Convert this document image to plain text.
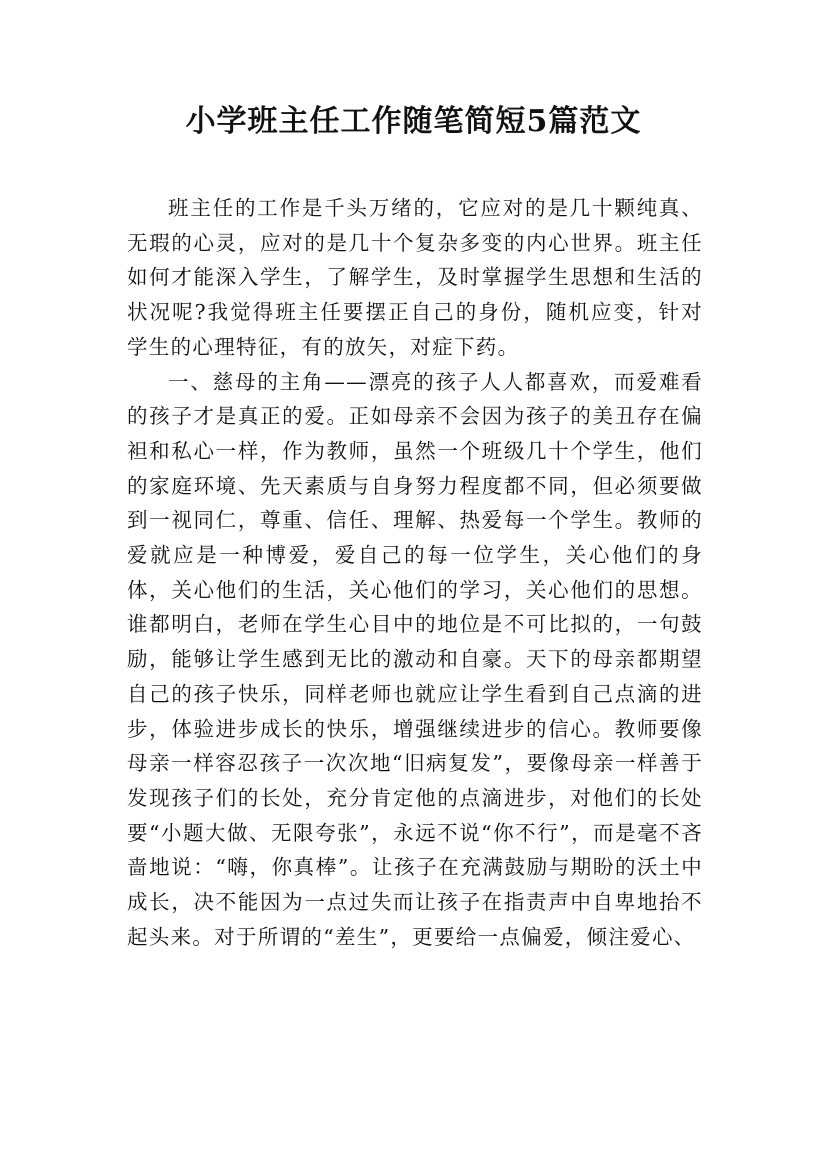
小学班主任工作随笔简短5篇范文

班主任的工作是千头万绪的，它应对的是几十颗纯真、无瑕的心灵，应对的是几十个复杂多变的内心世界。班主任如何才能深入学生，了解学生，及时掌握学生思想和生活的状况呢?我觉得班主任要摆正自己的身份，随机应变，针对学生的心理特征，有的放矢，对症下药。

一、慈母的主角——漂亮的孩子人人都喜欢，而爱难看的孩子才是真正的爱。正如母亲不会因为孩子的美丑存在偏袒和私心一样，作为教师，虽然一个班级几十个学生，他们的家庭环境、先天素质与自身努力程度都不同，但必须要做到一视同仁，尊重、信任、理解、热爱每一个学生。教师的爱就应是一种博爱，爱自己的每一位学生，关心他们的身体，关心他们的生活，关心他们的学习，关心他们的思想。谁都明白，老师在学生心目中的地位是不可比拟的，一句鼓励，能够让学生感到无比的激动和自豪。天下的母亲都期望自己的孩子快乐，同样老师也就应让学生看到自己点滴的进步，体验进步成长的快乐，增强继续进步的信心。教师要像母亲一样容忍孩子一次次地“旧病复发”，要像母亲一样善于发现孩子们的长处，充分肯定他的点滴进步，对他们的长处要“小题大做、无限夸张”，永远不说“你不行”，而是毫不吝啬地说：“嗨，你真棒”。让孩子在充满鼓励与期盼的沃土中成长，决不能因为一点过失而让孩子在指责声中自卑地抬不起头来。对于所谓的“差生”，更要给一点偏爱，倾注爱心、
